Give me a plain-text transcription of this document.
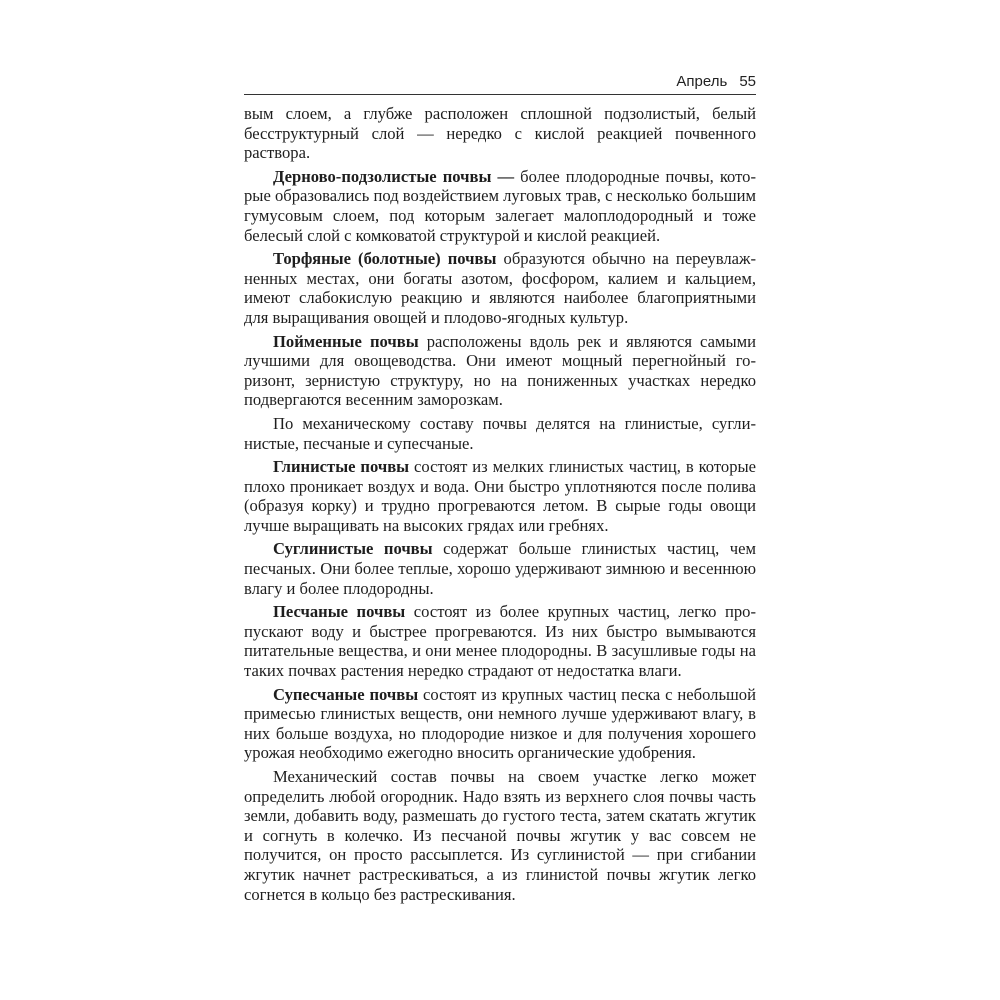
Апрель 55

вым слоем, а глубже расположен сплошной подзолистый, белый бесструктурный слой — нередко с кислой реакцией почвенного раствора.

Дерново-подзолистые почвы — более плодородные почвы, которые образовались под воздействием луговых трав, с несколько большим гумусовым слоем, под которым залегает малоплодородный и тоже белесый слой с комковатой структурой и кислой реакцией.

Торфяные (болотные) почвы образуются обычно на переувлажненных местах, они богаты азотом, фосфором, калием и кальцием, имеют слабокислую реакцию и являются наиболее благоприятными для выращивания овощей и плодово-ягодных культур.

Пойменные почвы расположены вдоль рек и являются самыми лучшими для овощеводства. Они имеют мощный перегнойный горизонт, зернистую структуру, но на пониженных участках нередко подвергаются весенним заморозкам.

По механическому составу почвы делятся на глинистые, суглинистые, песчаные и супесчаные.

Глинистые почвы состоят из мелких глинистых частиц, в которые плохо проникает воздух и вода. Они быстро уплотняются после полива (образуя корку) и трудно прогреваются летом. В сырые годы овощи лучше выращивать на высоких грядах или гребнях.

Суглинистые почвы содержат больше глинистых частиц, чем песчаных. Они более теплые, хорошо удерживают зимнюю и весеннюю влагу и более плодородны.

Песчаные почвы состоят из более крупных частиц, легко пропускают воду и быстрее прогреваются. Из них быстро вымываются питательные вещества, и они менее плодородны. В засушливые годы на таких почвах растения нередко страдают от недостатка влаги.

Супесчаные почвы состоят из крупных частиц песка с небольшой примесью глинистых веществ, они немного лучше удерживают влагу, в них больше воздуха, но плодородие низкое и для получения хорошего урожая необходимо ежегодно вносить органические удобрения.

Механический состав почвы на своем участке легко может определить любой огородник. Надо взять из верхнего слоя почвы часть земли, добавить воду, размешать до густого теста, затем скатать жгутик и согнуть в колечко. Из песчаной почвы жгутик у вас совсем не получится, он просто рассыплется. Из суглинистой — при сгибании жгутик начнет растрескиваться, а из глинистой почвы жгутик легко согнется в кольцо без растрескивания.
